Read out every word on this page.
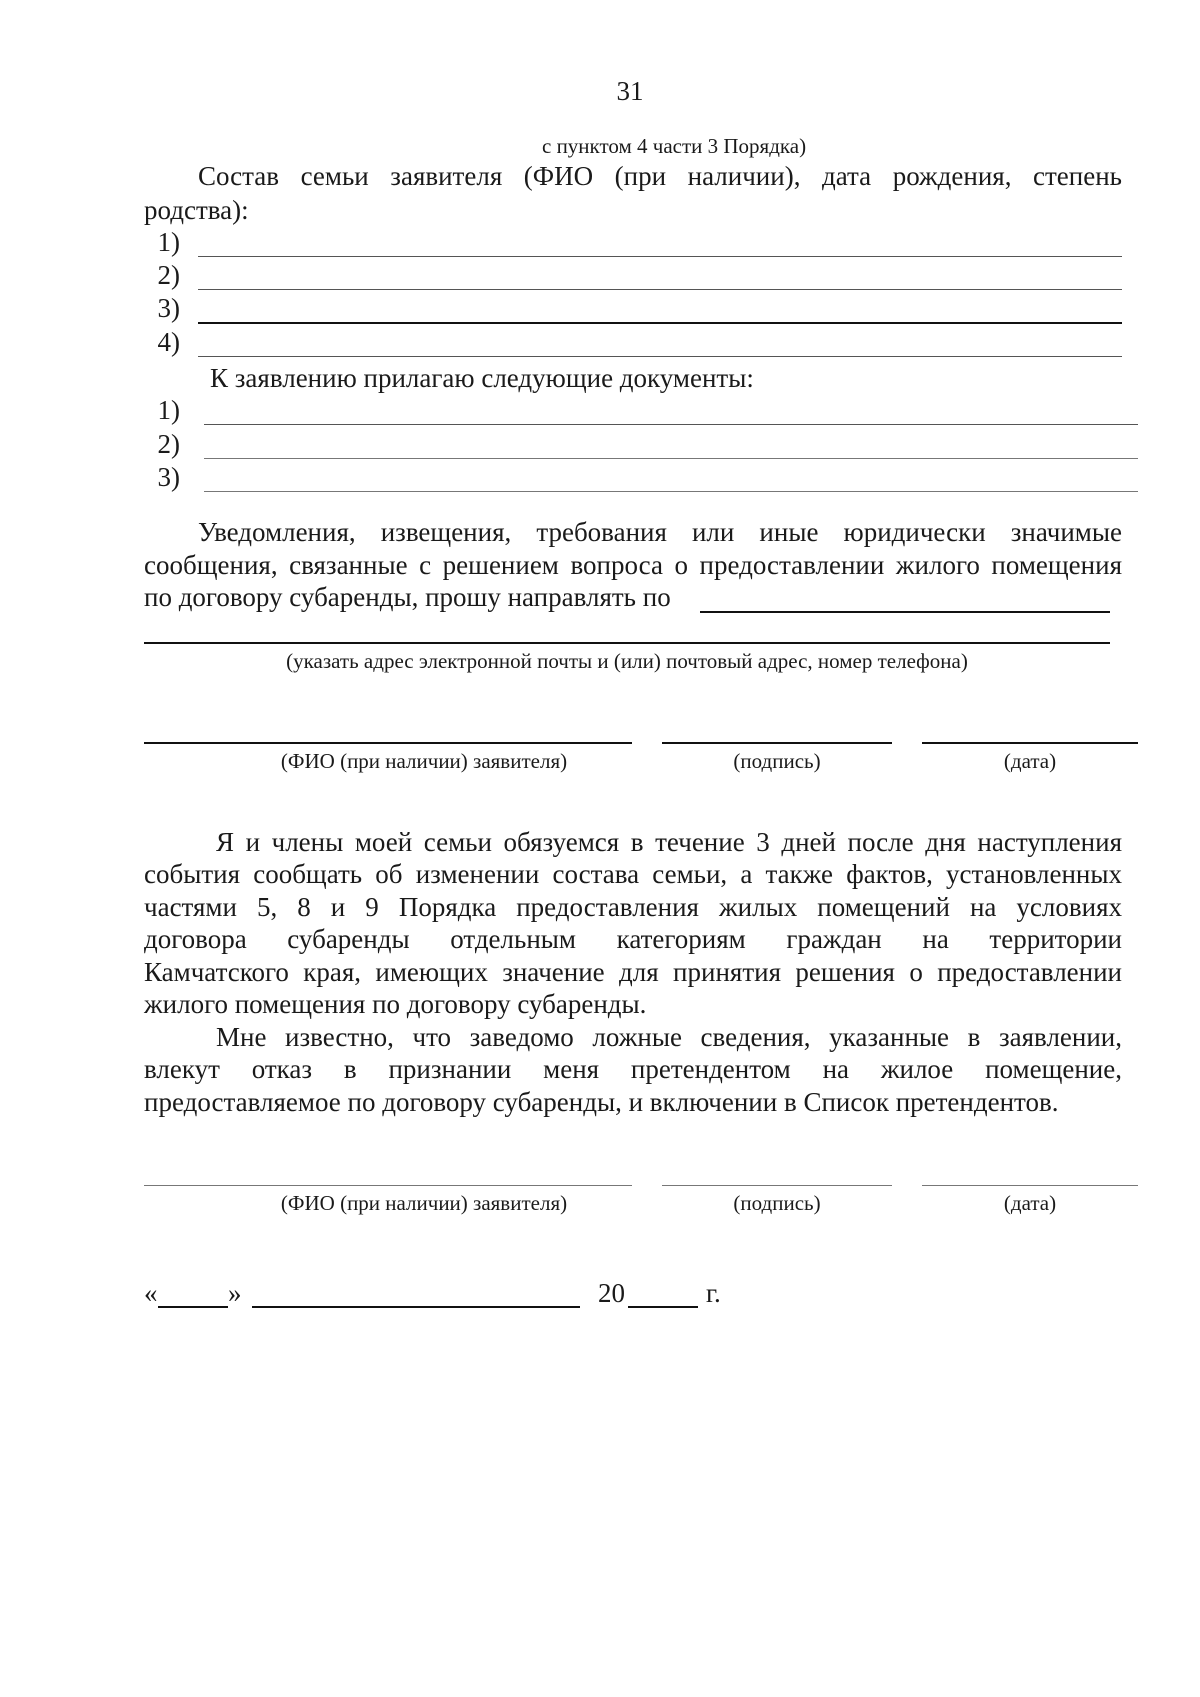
31
с пунктом 4 части 3 Порядка)
Состав семьи заявителя (ФИО (при наличии), дата рождения, степень
родства):
1)
2)
3)
4)
К заявлению прилагаю следующие документы:
1)
2)
3)
Уведомления, извещения, требования или иные юридически значимые
сообщения, связанные с решением вопроса о предоставлении жилого помещения
по договору субаренды, прошу направлять по
(указать адрес электронной почты и (или) почтовый адрес, номер телефона)
(ФИО (при наличии) заявителя)	(подпись)	(дата)
Я и члены моей семьи обязуемся в течение 3 дней после дня наступления
события сообщать об изменении состава семьи, а также фактов, установленных
частями 5, 8 и 9 Порядка предоставления жилых помещений на условиях
договора субаренды отдельным категориям граждан на территории
Камчатского края, имеющих значение для принятия решения о предоставлении
жилого помещения по договору субаренды.
Мне известно, что заведомо ложные сведения, указанные в заявлении,
влекут отказ в признании меня претендентом на жилое помещение,
предоставляемое по договору субаренды, и включении в Список претендентов.
(ФИО (при наличии) заявителя)	(подпись)	(дата)
«	»	20	г.
